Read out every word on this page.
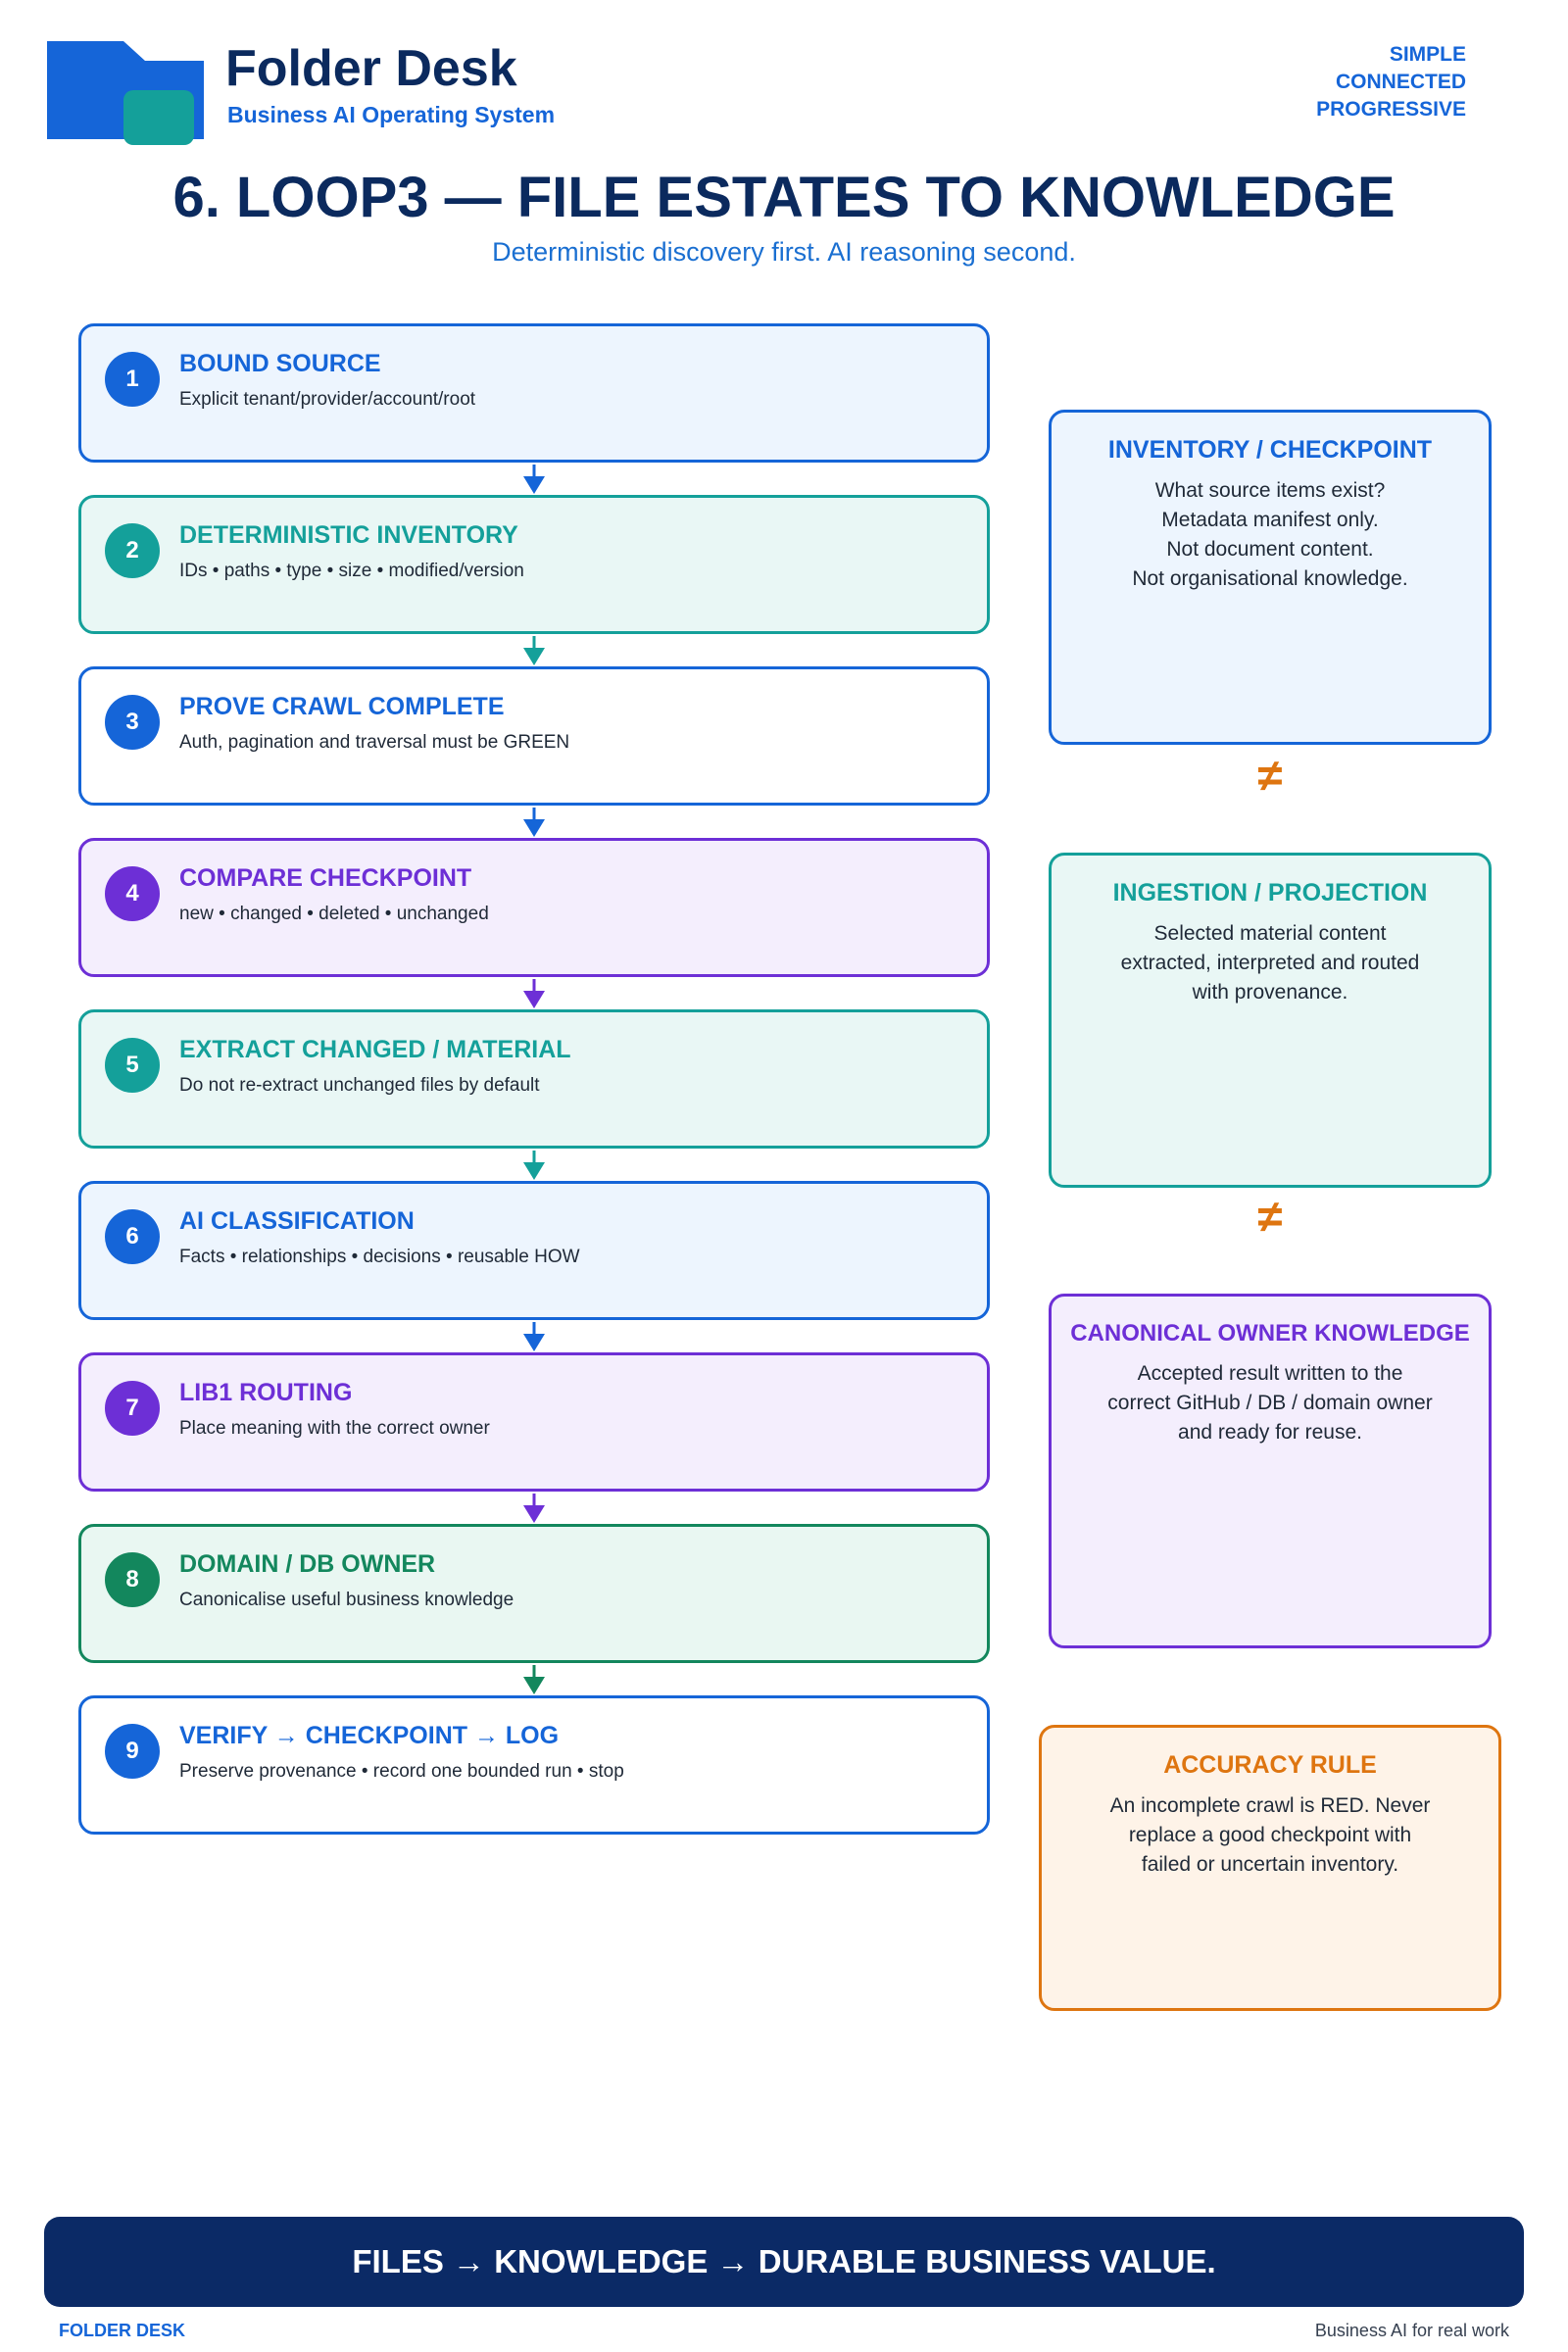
Folder Desk
Business AI Operating System
SIMPLE
CONNECTED
PROGRESSIVE
6. LOOP3 — FILE ESTATES TO KNOWLEDGE
Deterministic discovery first. AI reasoning second.
1
BOUND SOURCE
Explicit tenant/provider/account/root
2
DETERMINISTIC INVENTORY
IDs • paths • type • size • modified/version
3
PROVE CRAWL COMPLETE
Auth, pagination and traversal must be GREEN
4
COMPARE CHECKPOINT
new • changed • deleted • unchanged
5
EXTRACT CHANGED / MATERIAL
Do not re-extract unchanged files by default
6
AI CLASSIFICATION
Facts • relationships • decisions • reusable HOW
7
LIB1 ROUTING
Place meaning with the correct owner
8
DOMAIN / DB OWNER
Canonicalise useful business knowledge
9
VERIFY → CHECKPOINT → LOG
Preserve provenance • record one bounded run • stop
INVENTORY / CHECKPOINT
What source items exist?
Metadata manifest only.
Not document content.
Not organisational knowledge.
≠
INGESTION / PROJECTION
Selected material content
extracted, interpreted and routed
with provenance.
≠
CANONICAL OWNER KNOWLEDGE
Accepted result written to the
correct GitHub / DB / domain owner
and ready for reuse.
ACCURACY RULE
An incomplete crawl is RED. Never
replace a good checkpoint with
failed or uncertain inventory.
FILES → KNOWLEDGE → DURABLE BUSINESS VALUE.
FOLDER DESK	Business AI for real work
